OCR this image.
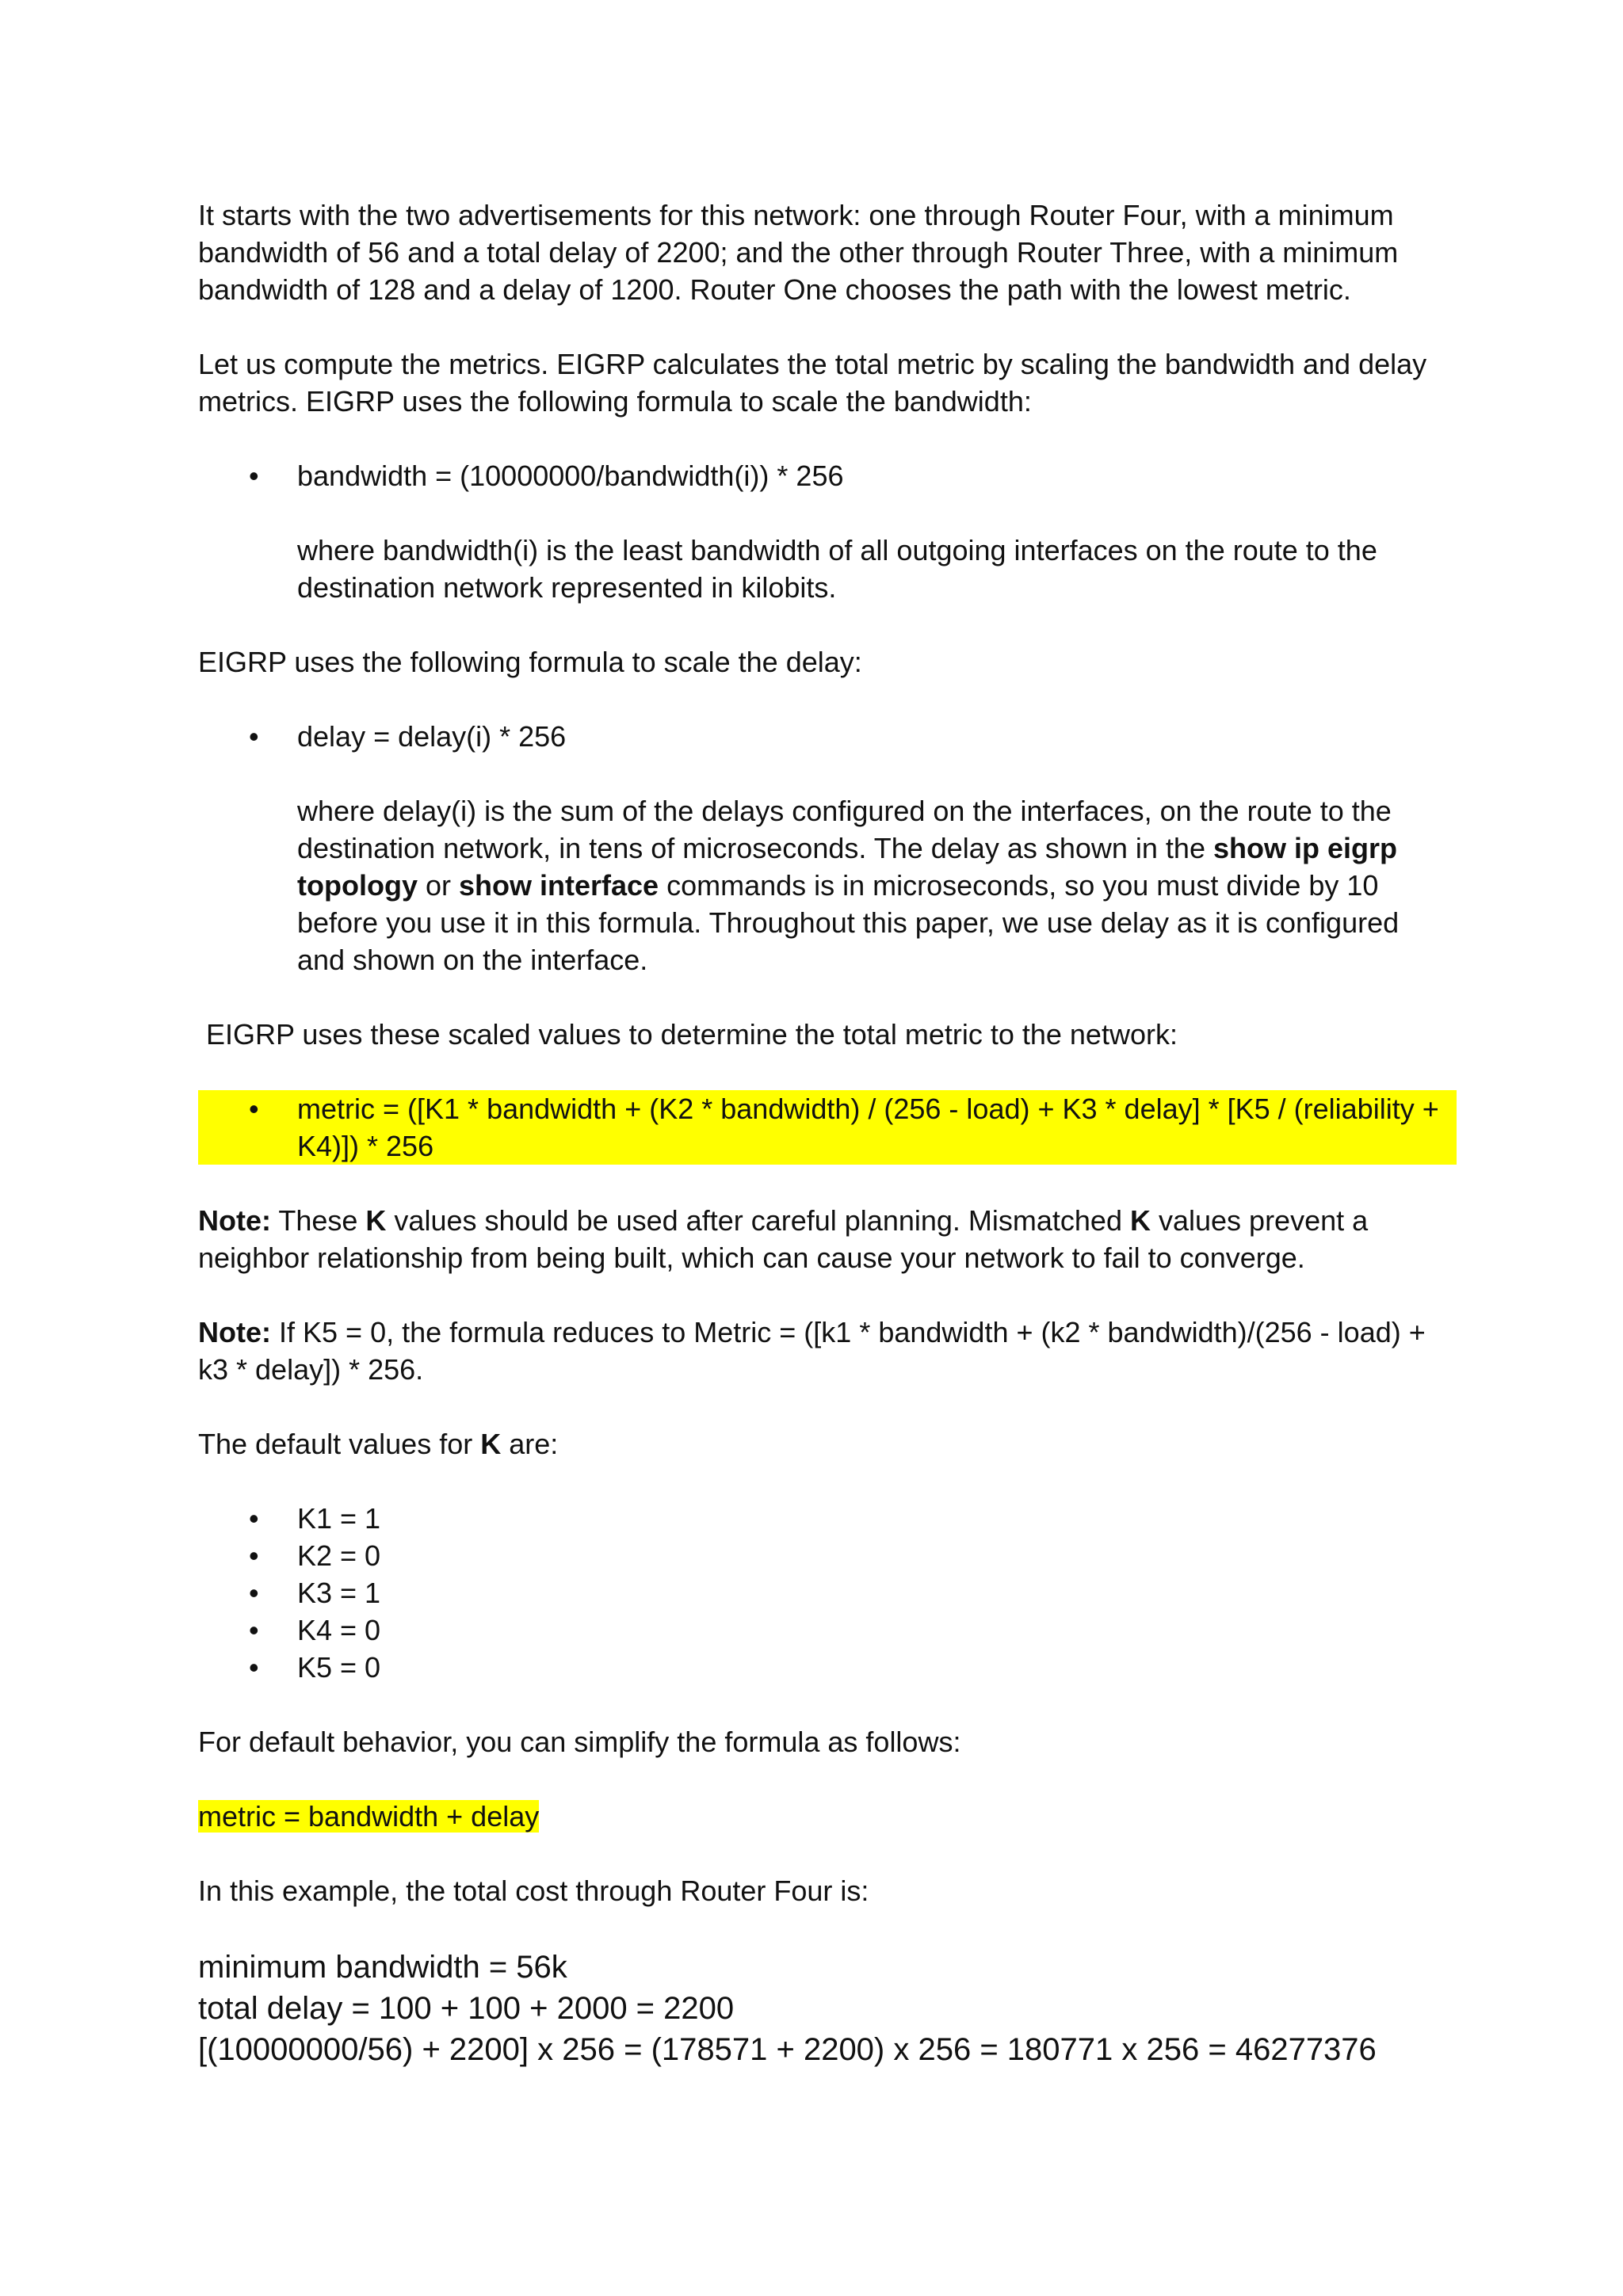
It starts with the two advertisements for this network: one through Router Four, with a minimum bandwidth of 56 and a total delay of 2200; and the other through Router Three, with a minimum bandwidth of 128 and a delay of 1200. Router One chooses the path with the lowest metric.

Let us compute the metrics. EIGRP calculates the total metric by scaling the bandwidth and delay metrics. EIGRP uses the following formula to scale the bandwidth:

• bandwidth = (10000000/bandwidth(i)) * 256

where bandwidth(i) is the least bandwidth of all outgoing interfaces on the route to the destination network represented in kilobits.

EIGRP uses the following formula to scale the delay:

• delay = delay(i) * 256

where delay(i) is the sum of the delays configured on the interfaces, on the route to the destination network, in tens of microseconds. The delay as shown in the show ip eigrp topology or show interface commands is in microseconds, so you must divide by 10 before you use it in this formula. Throughout this paper, we use delay as it is configured and shown on the interface.

EIGRP uses these scaled values to determine the total metric to the network:

• metric = ([K1 * bandwidth + (K2 * bandwidth) / (256 - load) + K3 * delay] * [K5 / (reliability + K4)]) * 256

Note: These K values should be used after careful planning. Mismatched K values prevent a neighbor relationship from being built, which can cause your network to fail to converge.

Note: If K5 = 0, the formula reduces to Metric = ([k1 * bandwidth + (k2 * bandwidth)/(256 - load) + k3 * delay]) * 256.

The default values for K are:

• K1 = 1
• K2 = 0
• K3 = 1
• K4 = 0
• K5 = 0

For default behavior, you can simplify the formula as follows:

metric = bandwidth + delay

In this example, the total cost through Router Four is:

minimum bandwidth = 56k
total delay = 100 + 100 + 2000 = 2200
[(10000000/56) + 2200] x 256 = (178571 + 2200) x 256 = 180771 x 256 = 46277376
